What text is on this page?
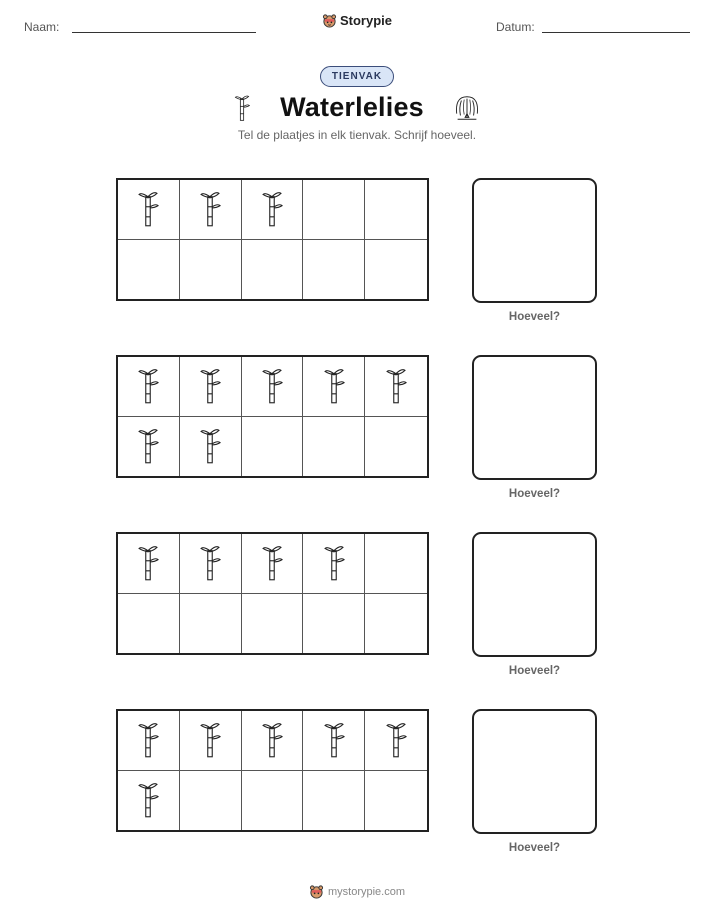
Naam:	Storypie	Datum:
TIENVAK
Waterlelies
Tel de plaatjes in elk tienvak. Schrijf hoeveel.
Hoeveel?
Hoeveel?
Hoeveel?
Hoeveel?
mystorypie.com
